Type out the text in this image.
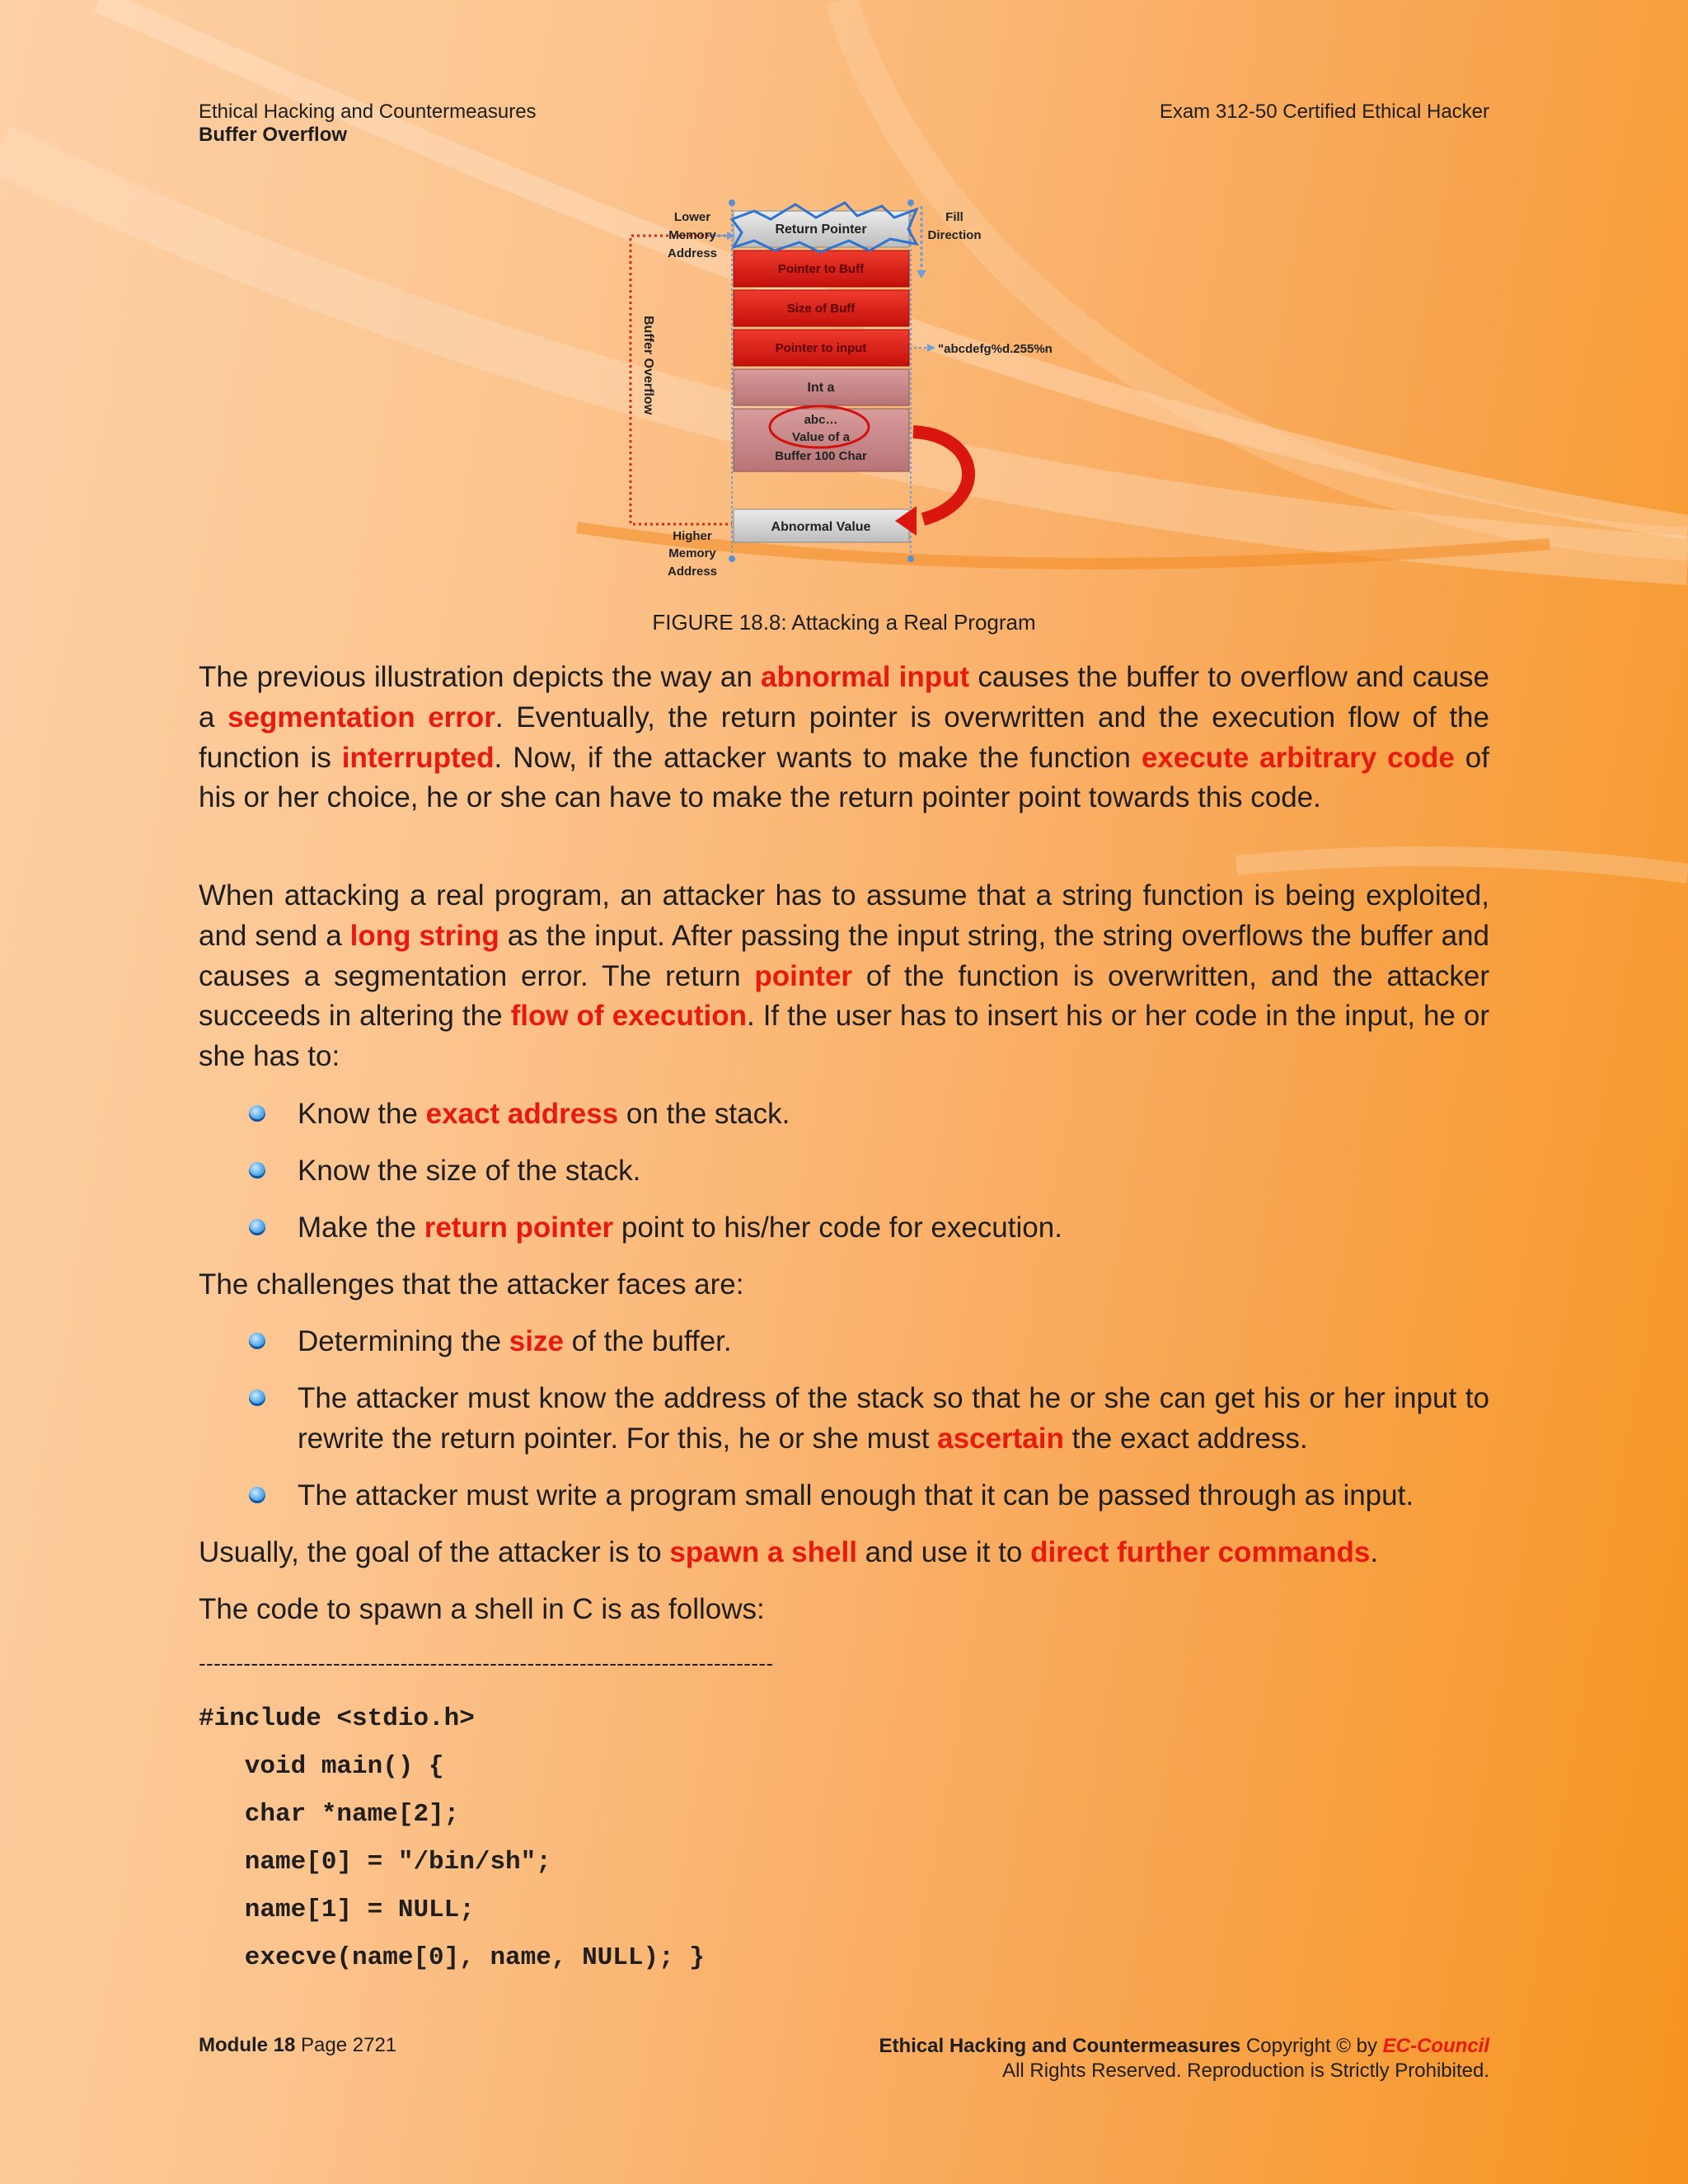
Ethical Hacking and Countermeasures
Buffer Overflow
Exam 312-50 Certified Ethical Hacker
Lower
Memory
Address
Fill
Direction
Higher
Memory
Address
Return Pointer
Pointer to Buff
Size of Buff
Pointer to input
Int a
abc…
Value of a
Buffer 100 Char
Abnormal Value
"abcdefg%d.255%n
Buffer Overflow
FIGURE 18.8: Attacking a Real Program

The previous illustration depicts the way an abnormal input causes the buffer to overflow and cause a segmentation error. Eventually, the return pointer is overwritten and the execution flow of the function is interrupted. Now, if the attacker wants to make the function execute arbitrary code of his or her choice, he or she can have to make the return pointer point towards this code.

When attacking a real program, an attacker has to assume that a string function is being exploited, and send a long string as the input. After passing the input string, the string overflows the buffer and causes a segmentation error. The return pointer of the function is overwritten, and the attacker succeeds in altering the flow of execution. If the user has to insert his or her code in the input, he or she has to:

Know the exact address on the stack.

Know the size of the stack.

Make the return pointer point to his/her code for execution.

The challenges that the attacker faces are:

Determining the size of the buffer.

The attacker must know the address of the stack so that he or she can get his or her input to rewrite the return pointer. For this, he or she must ascertain the exact address.

The attacker must write a program small enough that it can be passed through as input.

Usually, the goal of the attacker is to spawn a shell and use it to direct further commands.

The code to spawn a shell in C is as follows:

-----------------------------------------------------------------------------
#include <stdio.h>
void main() {
char *name[2];
name[0] = "/bin/sh";
name[1] = NULL;
execve(name[0], name, NULL); }
Module 18 Page 2721	Ethical Hacking and Countermeasures Copyright © by EC-Council
All Rights Reserved. Reproduction is Strictly Prohibited.
